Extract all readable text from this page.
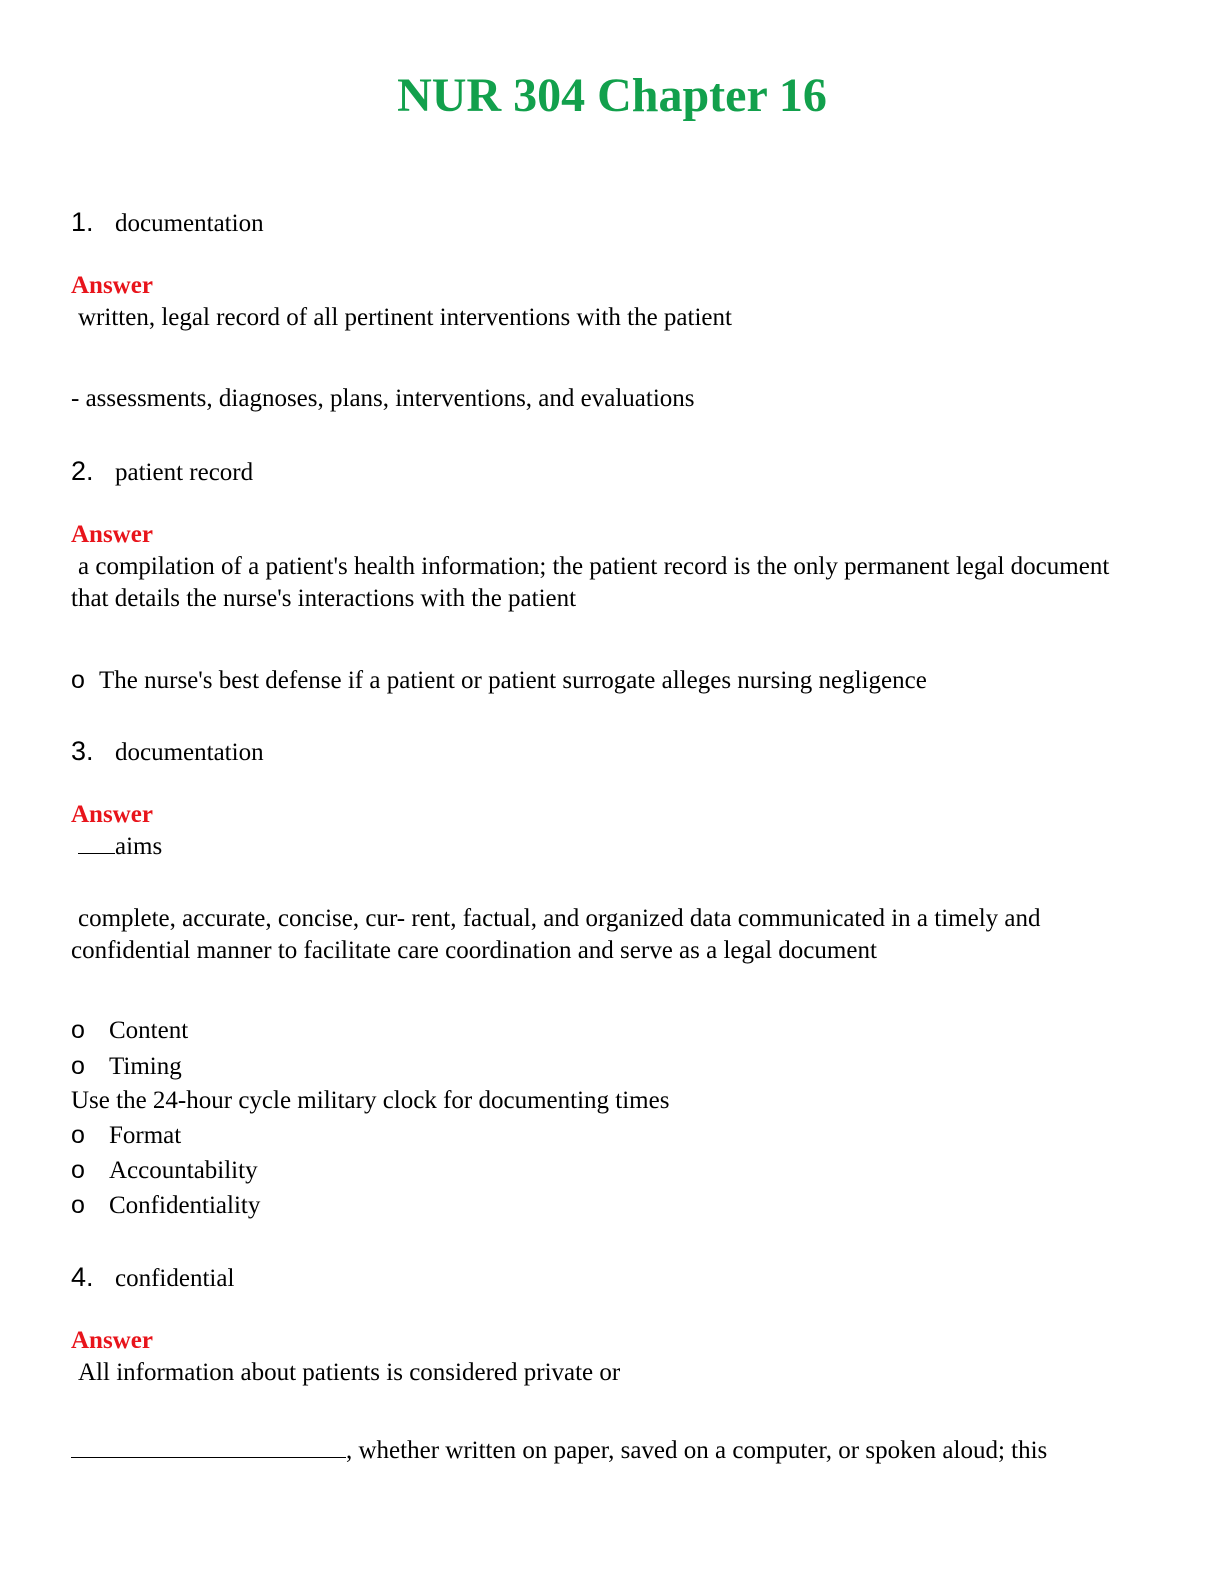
NUR 304 Chapter 16
1. documentation
Answer
written, legal record of all pertinent interventions with the patient
- assessments, diagnoses, plans, interventions, and evaluations
2. patient record
Answer
a compilation of a patient's health information; the patient record is the only permanent legal document that details the nurse's interactions with the patient
o The nurse's best defense if a patient or patient surrogate alleges nursing negligence
3. documentation
Answer
aims
complete, accurate, concise, cur- rent, factual, and organized data communicated in a timely and confidential manner to facilitate care coordination and serve as a legal document
o Content
o Timing
Use the 24-hour cycle military clock for documenting times
o Format
o Accountability
o Confidentiality
4. confidential
Answer
All information about patients is considered private or
, whether written on paper, saved on a computer, or spoken aloud; this
